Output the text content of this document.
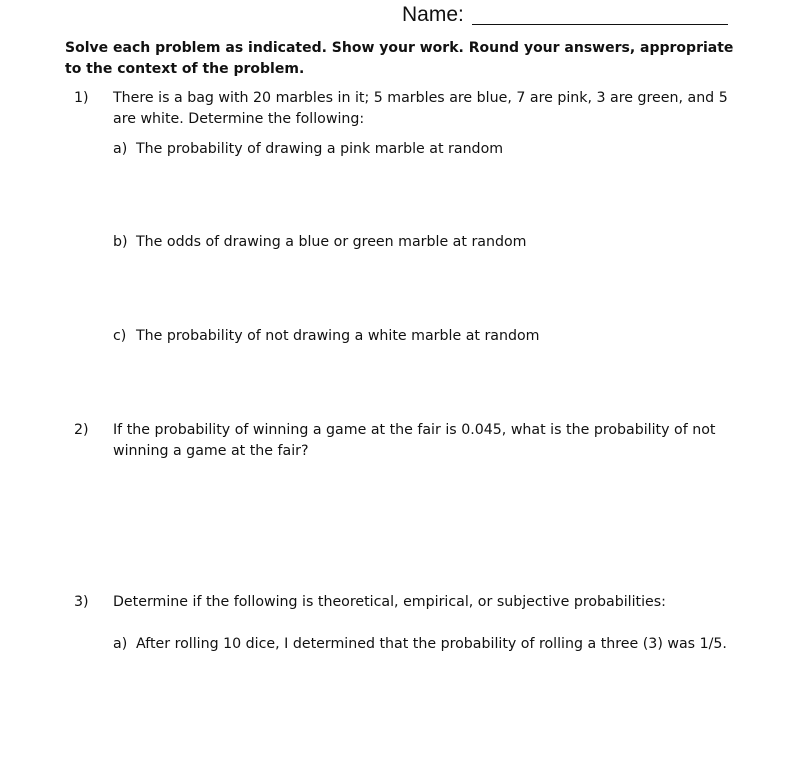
Name:
Solve each problem as indicated. Show your work. Round your answers, appropriate to the context of the problem.
1)	There is a bag with 20 marbles in it; 5 marbles are blue, 7 are pink, 3 are green, and 5 are white. Determine the following:
a) The probability of drawing a pink marble at random
b) The odds of drawing a blue or green marble at random
c) The probability of not drawing a white marble at random
2)	If the probability of winning a game at the fair is 0.045, what is the probability of not winning a game at the fair?
3)	Determine if the following is theoretical, empirical, or subjective probabilities:
a) After rolling 10 dice, I determined that the probability of rolling a three (3) was 1/5.
